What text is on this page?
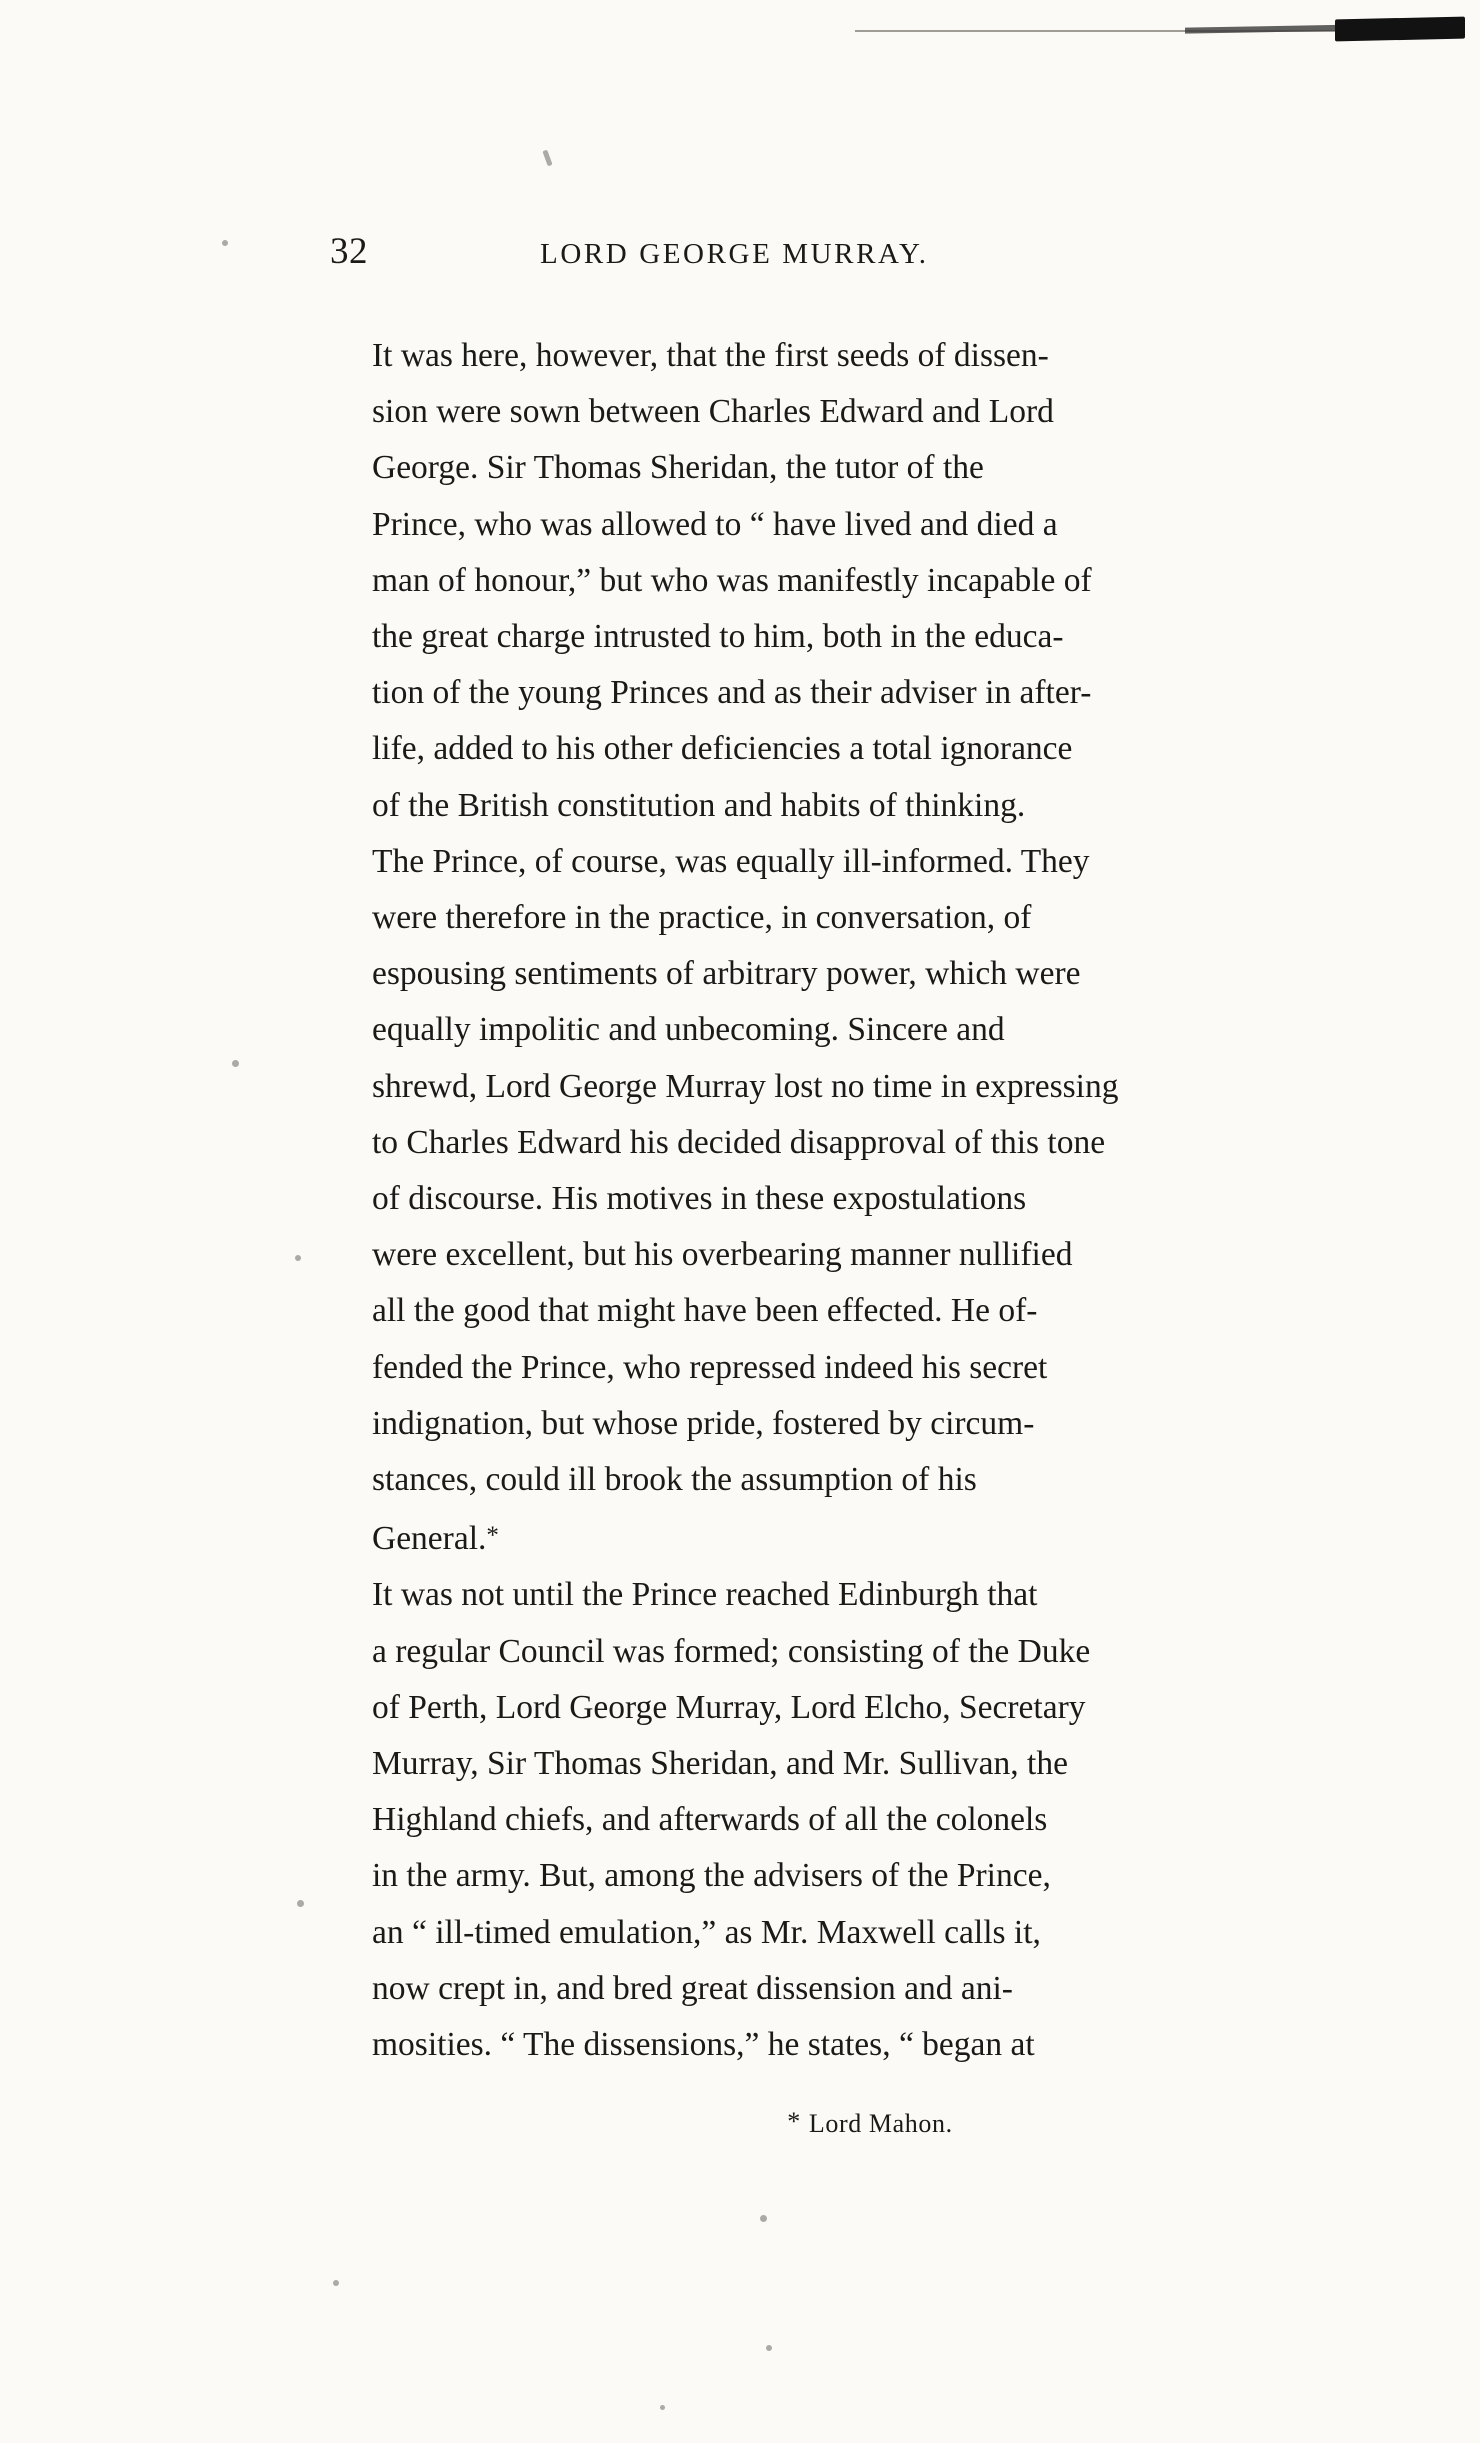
32	LORD GEORGE MURRAY.

It was here, however, that the first seeds of dissen-
sion were sown between Charles Edward and Lord
George. Sir Thomas Sheridan, the tutor of the
Prince, who was allowed to “ have lived and died a
man of honour,” but who was manifestly incapable of
the great charge intrusted to him, both in the educa-
tion of the young Princes and as their adviser in after-
life, added to his other deficiencies a total ignorance
of the British constitution and habits of thinking.
The Prince, of course, was equally ill-informed. They
were therefore in the practice, in conversation, of
espousing sentiments of arbitrary power, which were
equally impolitic and unbecoming. Sincere and
shrewd, Lord George Murray lost no time in expressing
to Charles Edward his decided disapproval of this tone
of discourse. His motives in these expostulations
were excellent, but his overbearing manner nullified
all the good that might have been effected. He of-
fended the Prince, who repressed indeed his secret
indignation, but whose pride, fostered by circum-
stances, could ill brook the assumption of his
General.*

It was not until the Prince reached Edinburgh that
a regular Council was formed; consisting of the Duke
of Perth, Lord George Murray, Lord Elcho, Secretary
Murray, Sir Thomas Sheridan, and Mr. Sullivan, the
Highland chiefs, and afterwards of all the colonels
in the army. But, among the advisers of the Prince,
an “ ill-timed emulation,” as Mr. Maxwell calls it,
now crept in, and bred great dissension and ani-
mosities. “ The dissensions,” he states, “ began at

* Lord Mahon.
